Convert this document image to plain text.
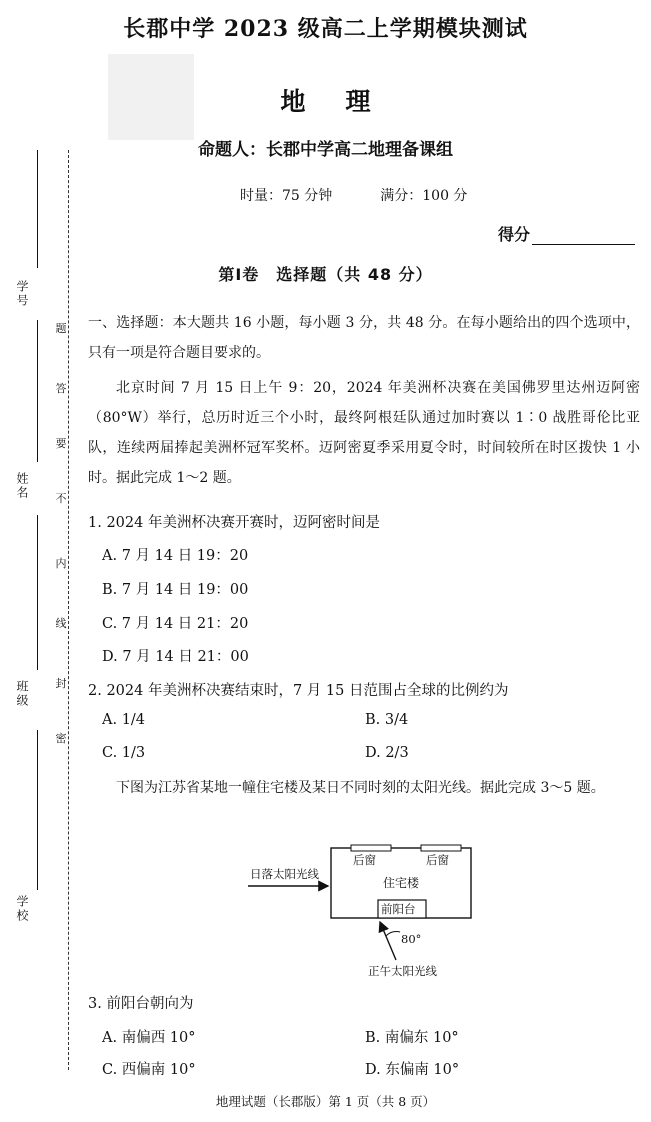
学号
姓名
班级
学校
题
答
要
不
内
线
封
密
长郡中学 2023 级高二上学期模块测试
地理
命题人：长郡中学高二地理备课组
时量：75 分钟	满分：100 分
得分
第Ⅰ卷　选择题（共 48 分）
一、选择题：本大题共 16 小题，每小题 3 分，共 48 分。在每小题给出的四个选项中，只有一项是符合题目要求的。
北京时间 7 月 15 日上午 9：20，2024 年美洲杯决赛在美国佛罗里达州迈阿密（80°W）举行，总历时近三个小时，最终阿根廷队通过加时赛以 1∶0 战胜哥伦比亚队，连续两届捧起美洲杯冠军奖杯。迈阿密夏季采用夏令时，时间较所在时区拨快 1 小时。据此完成 1～2 题。
1. 2024 年美洲杯决赛开赛时，迈阿密时间是
A. 7 月 14 日 19：20
B. 7 月 14 日 19：00
C. 7 月 14 日 21：20
D. 7 月 14 日 21：00
2. 2024 年美洲杯决赛结束时，7 月 15 日范围占全球的比例约为
A. 1/4	B. 3/4
C. 1/3	D. 2/3
下图为江苏省某地一幢住宅楼及某日不同时刻的太阳光线。据此完成 3～5 题。
后窗	后窗
住宅楼
前阳台
日落太阳光线
80°
正午太阳光线
3. 前阳台朝向为
A. 南偏西 10°	B. 南偏东 10°
C. 西偏南 10°	D. 东偏南 10°
地理试题（长郡版）第 1 页（共 8 页）
